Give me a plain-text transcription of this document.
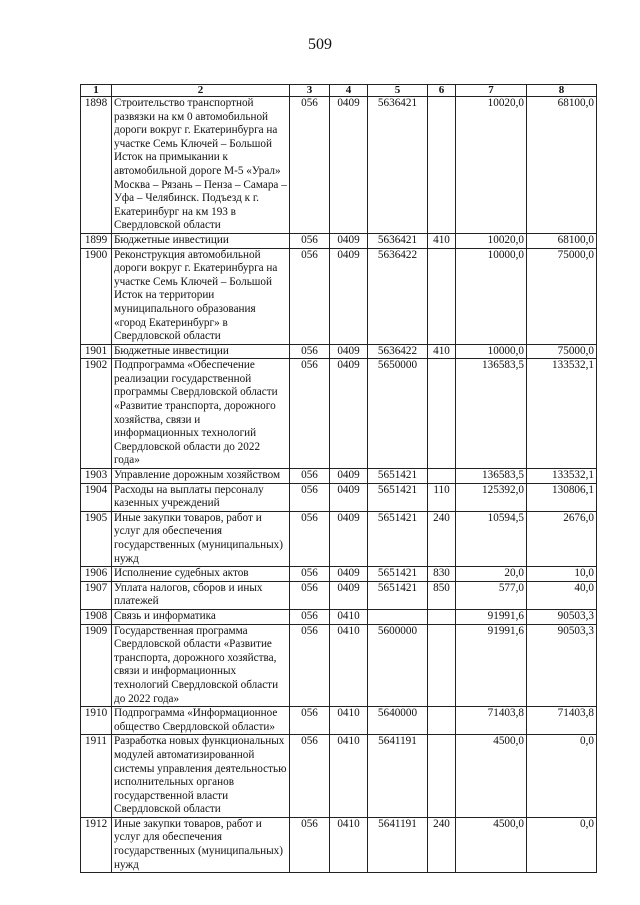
509
1	2	3	4	5	6	7	8
1898	Строительство транспортной развязки на км 0 автомобильной дороги вокруг г. Екатеринбурга на участке Семь Ключей – Большой Исток на примыкании к автомобильной дороге М-5 «Урал» Москва – Рязань – Пенза – Самара – Уфа – Челябинск. Подъезд к г. Екатеринбург на км 193 в Свердловской области	056	0409	5636421		10020,0	68100,0
1899	Бюджетные инвестиции	056	0409	5636421	410	10020,0	68100,0
1900	Реконструкция автомобильной дороги вокруг г. Екатеринбурга на участке Семь Ключей – Большой Исток на территории муниципального образования «город Екатеринбург» в Свердловской области	056	0409	5636422		10000,0	75000,0
1901	Бюджетные инвестиции	056	0409	5636422	410	10000,0	75000,0
1902	Подпрограмма «Обеспечение реализации государственной программы Свердловской области «Развитие транспорта, дорожного хозяйства, связи и информационных технологий Свердловской области до 2022 года»	056	0409	5650000		136583,5	133532,1
1903	Управление дорожным хозяйством	056	0409	5651421		136583,5	133532,1
1904	Расходы на выплаты персоналу казенных учреждений	056	0409	5651421	110	125392,0	130806,1
1905	Иные закупки товаров, работ и услуг для обеспечения государственных (муниципальных) нужд	056	0409	5651421	240	10594,5	2676,0
1906	Исполнение судебных актов	056	0409	5651421	830	20,0	10,0
1907	Уплата налогов, сборов и иных платежей	056	0409	5651421	850	577,0	40,0
1908	Связь и информатика	056	0410			91991,6	90503,3
1909	Государственная программа Свердловской области «Развитие транспорта, дорожного хозяйства, связи и информационных технологий Свердловской области до 2022 года»	056	0410	5600000		91991,6	90503,3
1910	Подпрограмма «Информационное общество Свердловской области»	056	0410	5640000		71403,8	71403,8
1911	Разработка новых функциональных модулей автоматизированной системы управления деятельностью исполнительных органов государственной власти Свердловской области	056	0410	5641191		4500,0	0,0
1912	Иные закупки товаров, работ и услуг для обеспечения государственных (муниципальных) нужд	056	0410	5641191	240	4500,0	0,0
